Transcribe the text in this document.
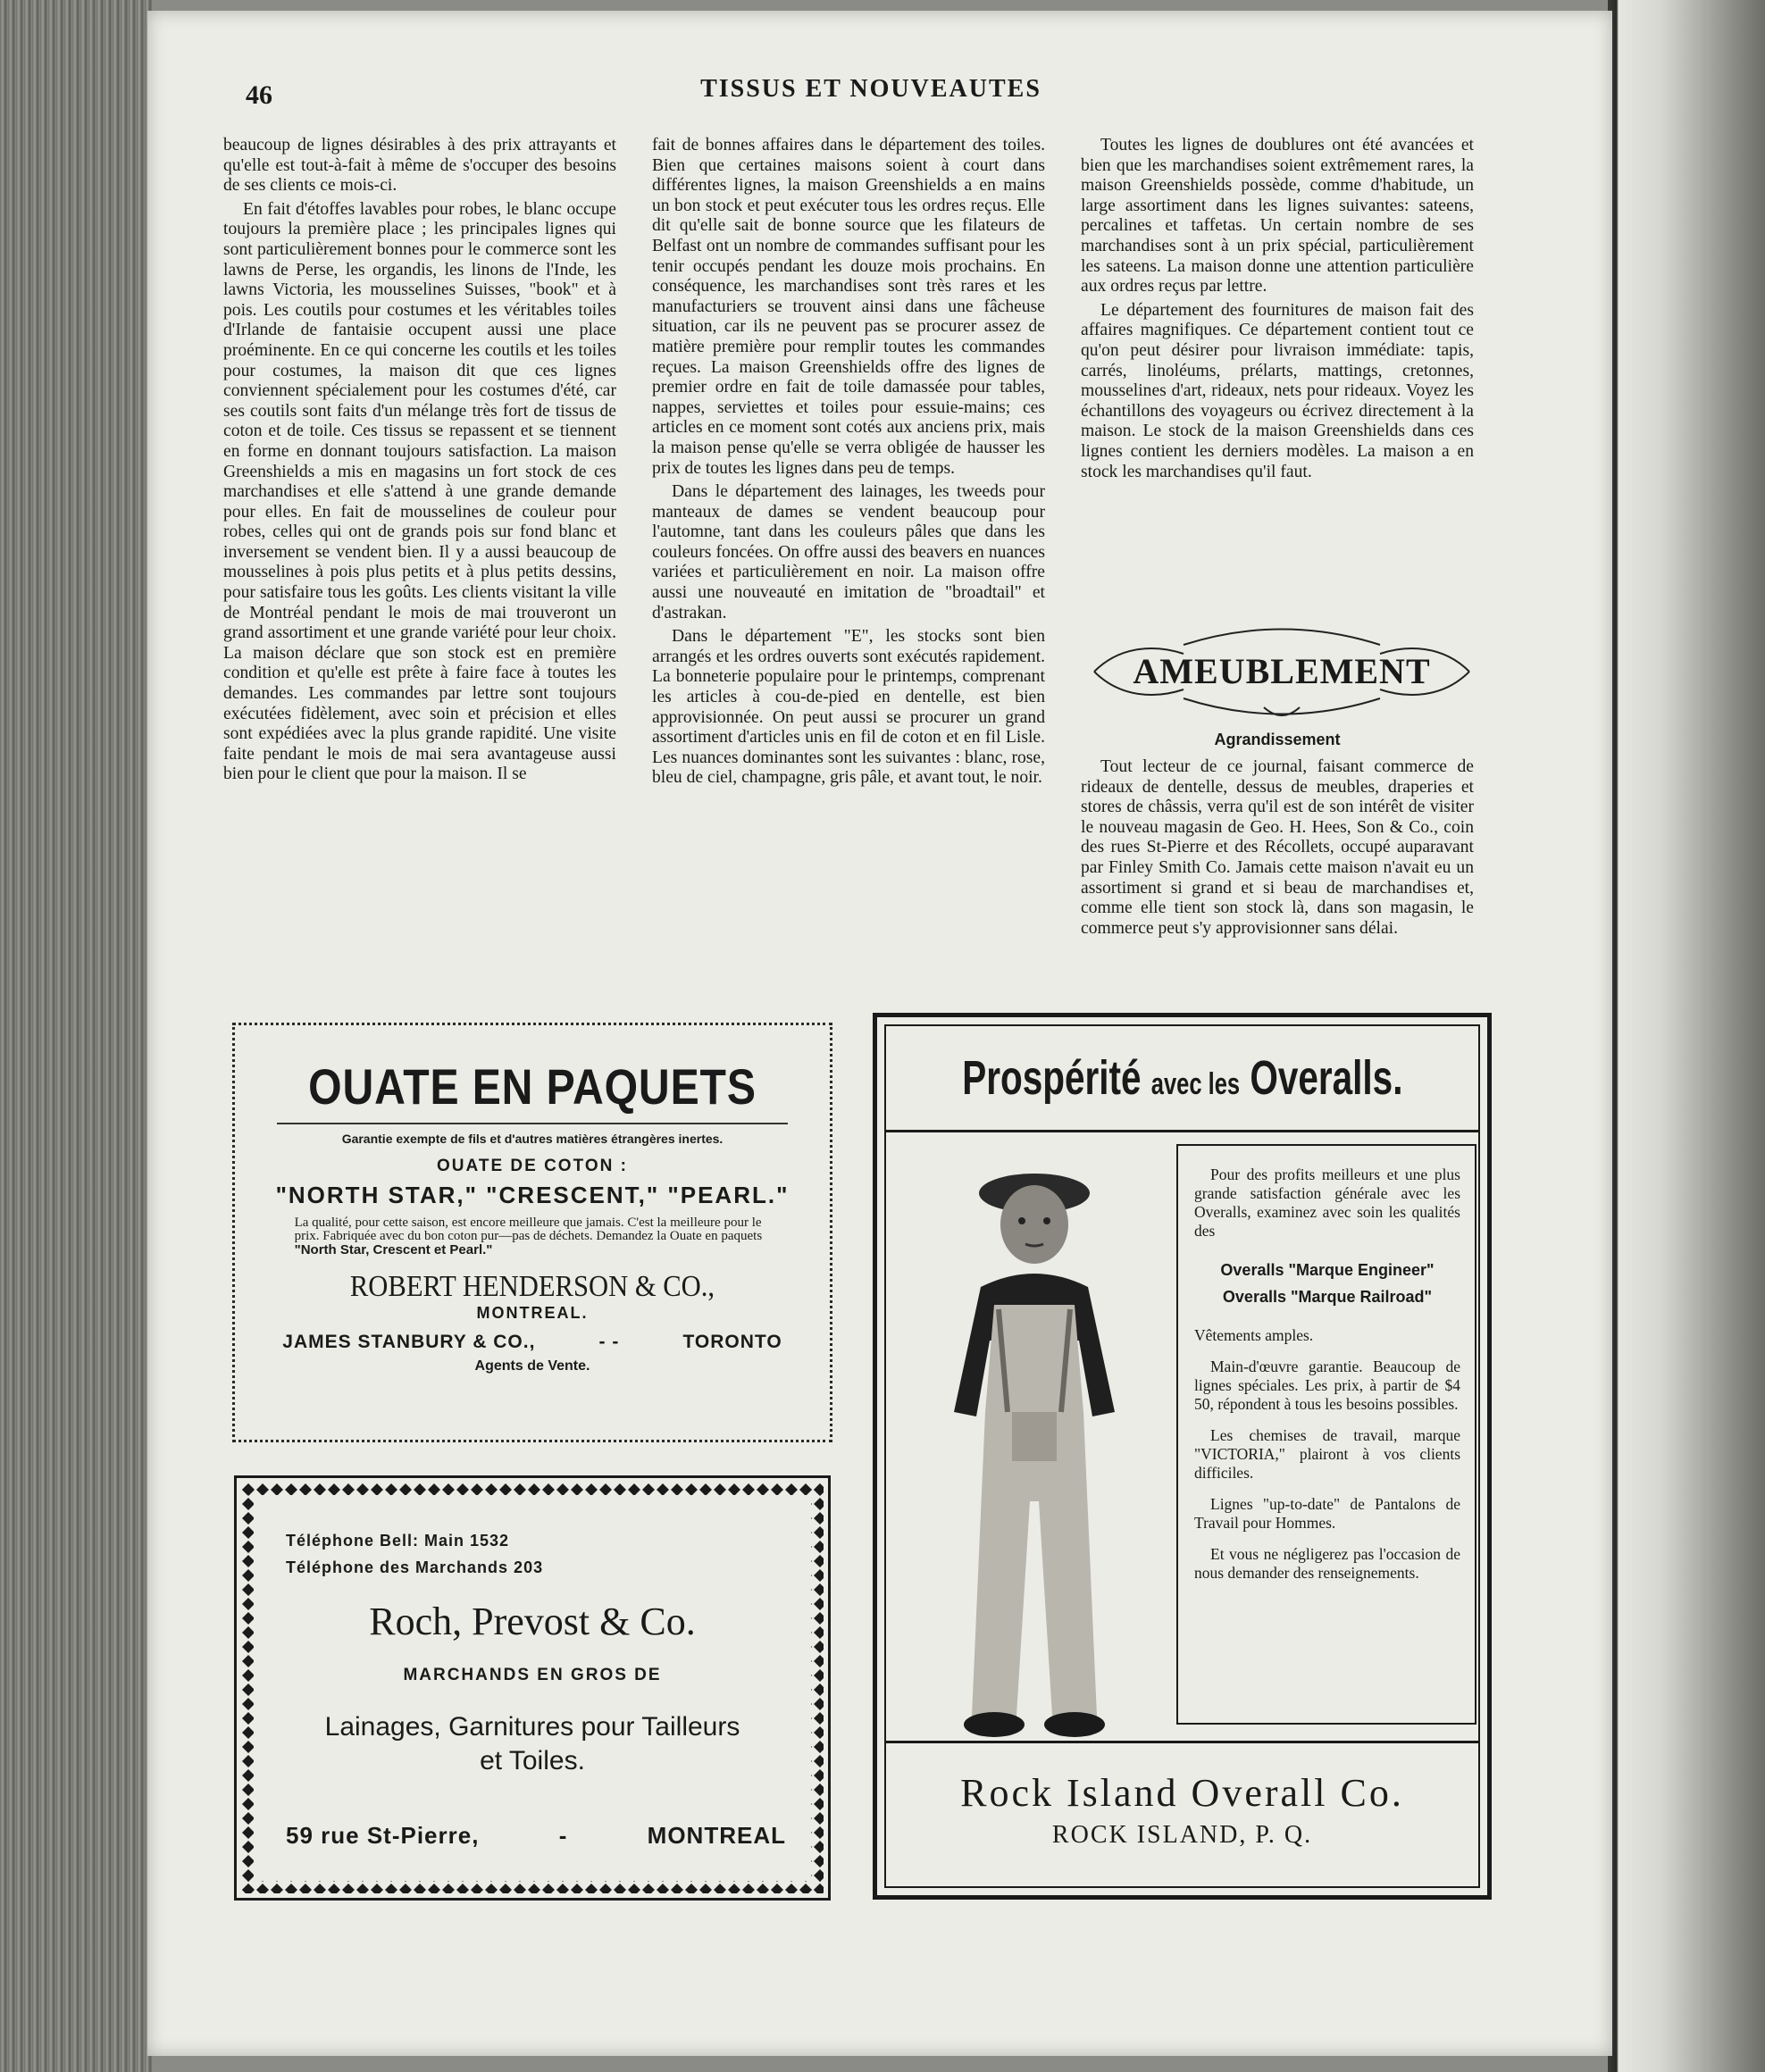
46	TISSUS ET NOUVEAUTES

beaucoup de lignes désirables à des prix attrayants et qu'elle est tout-à-fait à même de s'occuper des besoins de ses clients ce mois-ci.

En fait d'étoffes lavables pour robes, le blanc occupe toujours la première place ; les principales lignes qui sont particulièrement bonnes pour le commerce sont les lawns de Perse, les organdis, les linons de l'Inde, les lawns Victoria, les mousselines Suisses, "book" et à pois. Les coutils pour costumes et les véritables toiles d'Irlande de fantaisie occupent aussi une place proéminente. En ce qui concerne les coutils et les toiles pour costumes, la maison dit que ces lignes conviennent spécialement pour les costumes d'été, car ses coutils sont faits d'un mélange très fort de tissus de coton et de toile. Ces tissus se repassent et se tiennent en forme en donnant toujours satisfaction. La maison Greenshields a mis en magasins un fort stock de ces marchandises et elle s'attend à une grande demande pour elles. En fait de mousselines de couleur pour robes, celles qui ont de grands pois sur fond blanc et inversement se vendent bien. Il y a aussi beaucoup de mousselines à pois plus petits et à plus petits dessins, pour satisfaire tous les goûts. Les clients visitant la ville de Montréal pendant le mois de mai trouveront un grand assortiment et une grande variété pour leur choix. La maison déclare que son stock est en première condition et qu'elle est prête à faire face à toutes les demandes. Les commandes par lettre sont toujours exécutées fidèlement, avec soin et précision et elles sont expédiées avec la plus grande rapidité. Une visite faite pendant le mois de mai sera avantageuse aussi bien pour le client que pour la maison. Il se

fait de bonnes affaires dans le département des toiles. Bien que certaines maisons soient à court dans différentes lignes, la maison Greenshields a en mains un bon stock et peut exécuter tous les ordres reçus. Elle dit qu'elle sait de bonne source que les filateurs de Belfast ont un nombre de commandes suffisant pour les tenir occupés pendant les douze mois prochains. En conséquence, les marchandises sont très rares et les manufacturiers se trouvent ainsi dans une fâcheuse situation, car ils ne peuvent pas se procurer assez de matière première pour remplir toutes les commandes reçues. La maison Greenshields offre des lignes de premier ordre en fait de toile damassée pour tables, nappes, serviettes et toiles pour essuie-mains; ces articles en ce moment sont cotés aux anciens prix, mais la maison pense qu'elle se verra obligée de hausser les prix de toutes les lignes dans peu de temps.

Dans le département des lainages, les tweeds pour manteaux de dames se vendent beaucoup pour l'automne, tant dans les couleurs pâles que dans les couleurs foncées. On offre aussi des beavers en nuances variées et particulièrement en noir. La maison offre aussi une nouveauté en imitation de "broadtail" et d'astrakan.

Dans le département "E", les stocks sont bien arrangés et les ordres ouverts sont exécutés rapidement. La bonneterie populaire pour le printemps, comprenant les articles à cou-de-pied en dentelle, est bien approvisionnée. On peut aussi se procurer un grand assortiment d'articles unis en fil de coton et en fil Lisle. Les nuances dominantes sont les suivantes : blanc, rose, bleu de ciel, champagne, gris pâle, et avant tout, le noir.

Toutes les lignes de doublures ont été avancées et bien que les marchandises soient extrêmement rares, la maison Greenshields possède, comme d'habitude, un large assortiment dans les lignes suivantes: sateens, percalines et taffetas. Un certain nombre de ses marchandises sont à un prix spécial, particulièrement les sateens. La maison donne une attention particulière aux ordres reçus par lettre.

Le département des fournitures de maison fait des affaires magnifiques. Ce département contient tout ce qu'on peut désirer pour livraison immédiate: tapis, carrés, linoléums, prélarts, mattings, cretonnes, mousselines d'art, rideaux, nets pour rideaux. Voyez les échantillons des voyageurs ou écrivez directement à la maison. Le stock de la maison Greenshields dans ces lignes contient les derniers modèles. La maison a en stock les marchandises qu'il faut.

AMEUBLEMENT
Agrandissement

Tout lecteur de ce journal, faisant commerce de rideaux de dentelle, dessus de meubles, draperies et stores de châssis, verra qu'il est de son intérêt de visiter le nouveau magasin de Geo. H. Hees, Son & Co., coin des rues St-Pierre et des Récollets, occupé auparavant par Finley Smith Co. Jamais cette maison n'avait eu un assortiment si grand et si beau de marchandises et, comme elle tient son stock là, dans son magasin, le commerce peut s'y approvisionner sans délai.

OUATE EN PAQUETS
Garantie exempte de fils et d'autres matières étrangères inertes.
OUATE DE COTON :
"NORTH STAR," "CRESCENT," "PEARL."
La qualité, pour cette saison, est encore meilleure que jamais. C'est la meilleure pour le prix. Fabriquée avec du bon coton pur—pas de déchets. Demandez la Ouate en paquets "North Star, Crescent et Pearl."
ROBERT HENDERSON & CO.,
MONTREAL.
JAMES STANBURY & CO.,	- -	TORONTO
Agents de Vente.
Téléphone Bell: Main 1532
Téléphone des Marchands 203
Roch, Prevost & Co.
MARCHANDS EN GROS DE
Lainages, Garnitures pour Tailleurs
et Toiles.
59 rue St-Pierre,	-	MONTREAL
Prospérité avec les Overalls.

Pour des profits meilleurs et une plus grande satisfaction générale avec les Overalls, examinez avec soin les qualités des

Overalls "Marque Engineer"
Overalls "Marque Railroad"

Vêtements amples.

Main-d'œuvre garantie. Beaucoup de lignes spéciales. Les prix, à partir de $4 50, répondent à tous les besoins possibles.

Les chemises de travail, marque "VICTORIA," plairont à vos clients difficiles.

Lignes "up-to-date" de Pantalons de Travail pour Hommes.

Et vous ne négligerez pas l'occasion de nous demander des renseignements.

Rock Island Overall Co.
ROCK ISLAND, P. Q.
